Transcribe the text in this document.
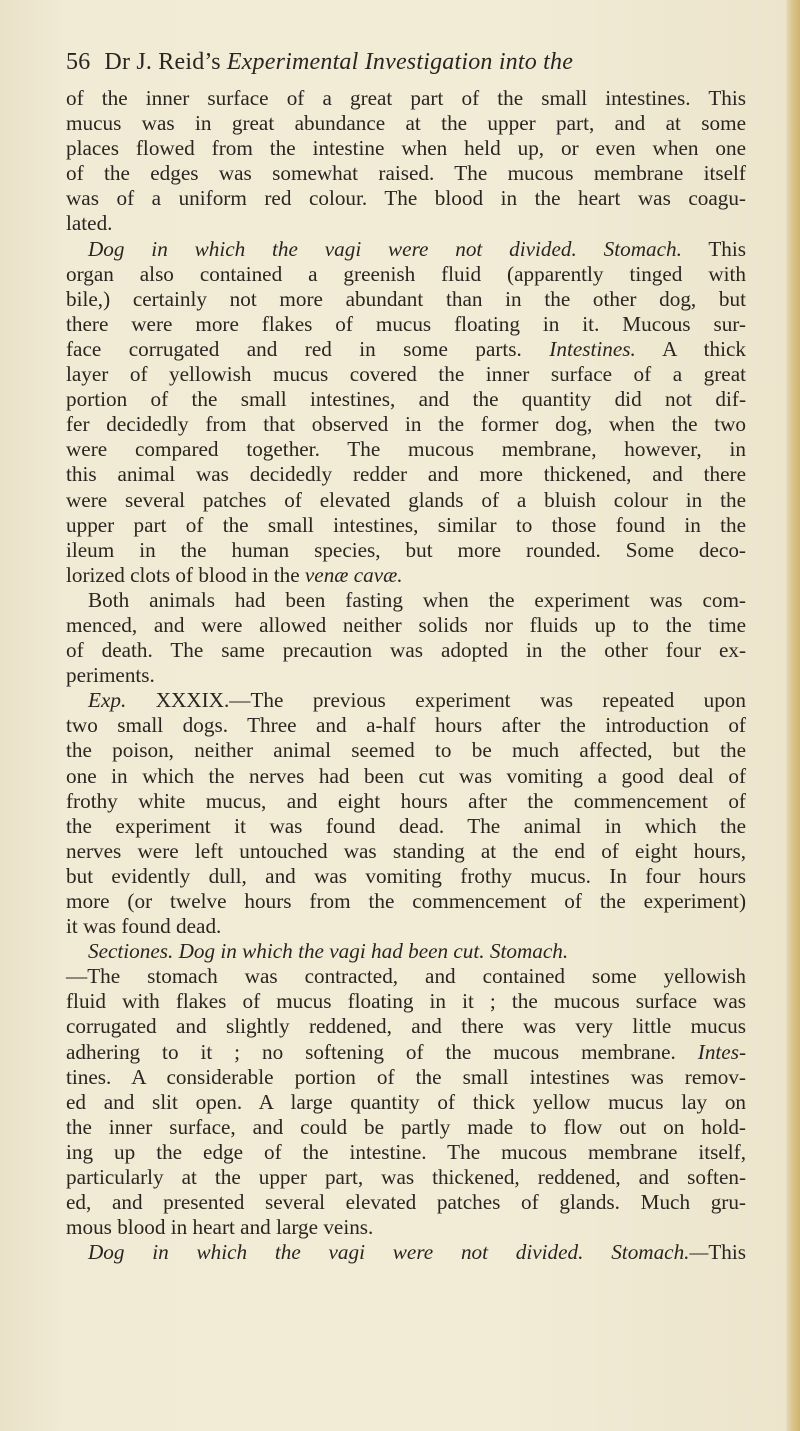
56 Dr J. Reid’s Experimental Investigation into the
of the inner surface of a great part of the small intestines. This
mucus was in great abundance at the upper part, and at some
places flowed from the intestine when held up, or even when one
of the edges was somewhat raised. The mucous membrane itself
was of a uniform red colour. The blood in the heart was coagu-
lated.
Dog in which the vagi were not divided. Stomach. This
organ also contained a greenish fluid (apparently tinged with
bile,) certainly not more abundant than in the other dog, but
there were more flakes of mucus floating in it. Mucous sur-
face corrugated and red in some parts. Intestines. A thick
layer of yellowish mucus covered the inner surface of a great
portion of the small intestines, and the quantity did not dif-
fer decidedly from that observed in the former dog, when the two
were compared together. The mucous membrane, however, in
this animal was decidedly redder and more thickened, and there
were several patches of elevated glands of a bluish colour in the
upper part of the small intestines, similar to those found in the
ileum in the human species, but more rounded. Some deco-
lorized clots of blood in the venæ cavæ.
Both animals had been fasting when the experiment was com-
menced, and were allowed neither solids nor fluids up to the time
of death. The same precaution was adopted in the other four ex-
periments.
Exp. XXXIX.—The previous experiment was repeated upon
two small dogs. Three and a-half hours after the introduction of
the poison, neither animal seemed to be much affected, but the
one in which the nerves had been cut was vomiting a good deal of
frothy white mucus, and eight hours after the commencement of
the experiment it was found dead. The animal in which the
nerves were left untouched was standing at the end of eight hours,
but evidently dull, and was vomiting frothy mucus. In four hours
more (or twelve hours from the commencement of the experiment)
it was found dead.
Sectiones. Dog in which the vagi had been cut. Stomach.
—The stomach was contracted, and contained some yellowish
fluid with flakes of mucus floating in it ; the mucous surface was
corrugated and slightly reddened, and there was very little mucus
adhering to it ; no softening of the mucous membrane. Intes-
tines. A considerable portion of the small intestines was remov-
ed and slit open. A large quantity of thick yellow mucus lay on
the inner surface, and could be partly made to flow out on hold-
ing up the edge of the intestine. The mucous membrane itself,
particularly at the upper part, was thickened, reddened, and soften-
ed, and presented several elevated patches of glands. Much gru-
mous blood in heart and large veins.
Dog in which the vagi were not divided. Stomach.—This
